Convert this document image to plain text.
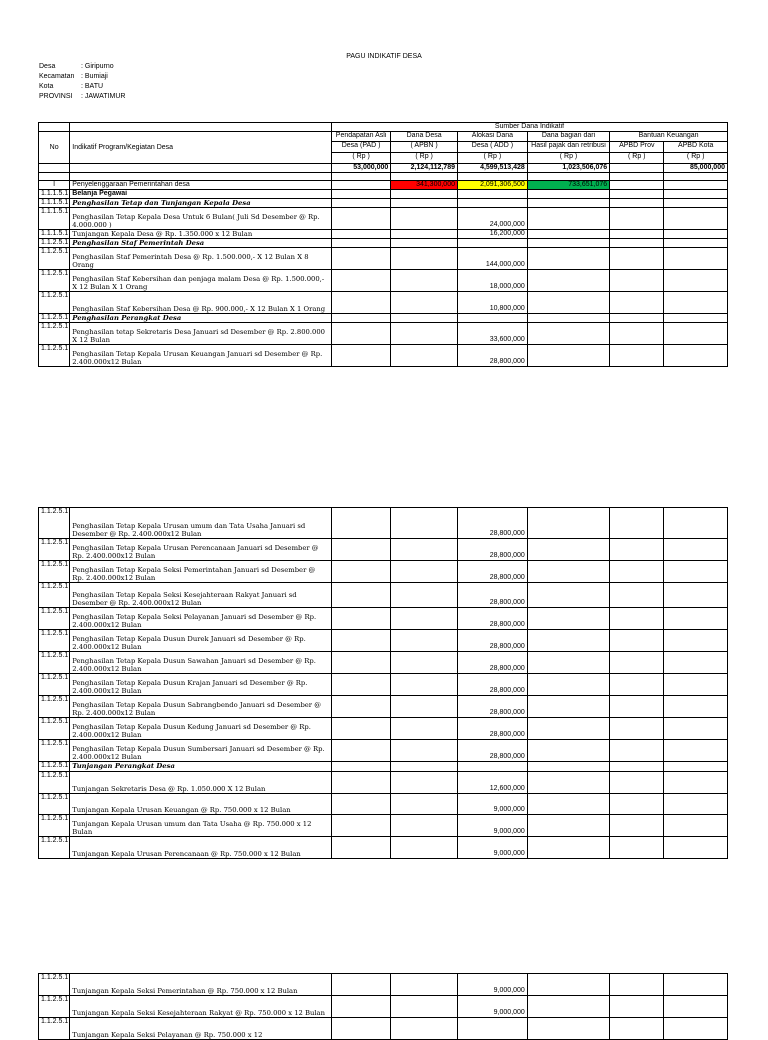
PAGU INDIKATIF DESA
Desa	: Giripurno
Kecamatan : Bumiaji
Kota	: BATU
PROVINSI	: JAWATIMUR
		Sumber Dana Indikatif					
No	Indikatif Program/Kegiatan Desa	Pendapatan Asli	Dana Desa	Alokasi Dana	Dana bagian dari	Bantuan Keuangan	
		Desa (PAD )	( APBN )	Desa ( ADD )	Hasil pajak dan retribusi	APBD Prov	APBD Kota
		( Rp )	( Rp )	( Rp )	( Rp )	( Rp )	( Rp )
		53,000,000	2,124,112,789	4,599,513,428	1,023,506,076		85,000,000

I	Penyelenggaraan Pemerintahan desa		341,300,000	2,091,306,500	733,651,076		
1.1.1.5.1	Belanja Pegawai						
1.1.1.5.1	Penghasilan Tetap dan Tunjangan Kepala Desa						
1.1.1.5.1	Penghasilan Tetap Kepala Desa Untuk 6 Bulan( Juli Sd Desember @ Rp. 4.000.000 )			24,000,000			
1.1.1.5.1	Tunjangan Kepala Desa @ Rp. 1.350.000 x 12 Bulan			16,200,000			
1.1.2.5.1	Penghasilan Staf Pemerintah Desa						
1.1.2.5.1	Penghasilan Staf Pemerintah Desa @ Rp. 1.500.000,- X 12 Bulan X 8 Orang			144,000,000			
1.1.2.5.1	Penghasilan Staf Kebersihan dan penjaga malam Desa @ Rp. 1.500.000,- X 12 Bulan X 1 Orang			18,000,000			
1.1.2.5.1	Penghasilan Staf Kebersihan Desa @ Rp. 900.000,- X 12 Bulan X 1 Orang			10,800,000			
1.1.2.5.1	Penghasilan Perangkat Desa						
1.1.2.5.1	Penghasilan tetap Sekretaris Desa Januari sd Desember @ Rp. 2.800.000 X 12 Bulan			33,600,000			
1.1.2.5.1	Penghasilan Tetap Kepala Urusan Keuangan Januari sd Desember @ Rp. 2.400.000x12 Bulan			28,800,000			
1.1.2.5.1	Penghasilan Tetap Kepala Urusan umum dan Tata Usaha Januari sd Desember @ Rp. 2.400.000x12 Bulan			28,800,000			
1.1.2.5.1	Penghasilan Tetap Kepala Urusan Perencanaan Januari sd Desember @ Rp. 2.400.000x12 Bulan			28,800,000			
1.1.2.5.1	Penghasilan Tetap Kepala Seksi Pemerintahan Januari sd Desember @ Rp. 2.400.000x12 Bulan			28,800,000			
1.1.2.5.1	Penghasilan Tetap Kepala Seksi Kesejahteraan Rakyat Januari sd Desember @ Rp. 2.400.000x12 Bulan			28,800,000			
1.1.2.5.1	Penghasilan Tetap Kepala Seksi Pelayanan Januari sd Desember @ Rp. 2.400.000x12 Bulan			28,800,000			
1.1.2.5.1	Penghasilan Tetap Kepala Dusun Durek Januari sd Desember @ Rp. 2.400.000x12 Bulan			28,800,000			
1.1.2.5.1	Penghasilan Tetap Kepala Dusun Sawahan Januari sd Desember @ Rp. 2.400.000x12 Bulan			28,800,000			
1.1.2.5.1	Penghasilan Tetap Kepala Dusun Krajan Januari sd Desember @ Rp. 2.400.000x12 Bulan			28,800,000			
1.1.2.5.1	Penghasilan Tetap Kepala Dusun Sabrangbendo Januari sd Desember @ Rp. 2.400.000x12 Bulan			28,800,000			
1.1.2.5.1	Penghasilan Tetap Kepala Dusun Kedung Januari sd Desember @ Rp. 2.400.000x12 Bulan			28,800,000			
1.1.2.5.1	Penghasilan Tetap Kepala Dusun Sumbersari Januari sd Desember @ Rp. 2.400.000x12 Bulan			28,800,000			
1.1.2.5.1	Tunjangan Perangkat Desa						
1.1.2.5.1	Tunjangan Sekretaris Desa @ Rp. 1.050.000 X 12 Bulan			12,600,000			
1.1.2.5.1	Tunjangan Kepala Urusan Keuangan @ Rp. 750.000 x 12 Bulan			9,000,000			
1.1.2.5.1	Tunjangan Kepala Urusan umum dan Tata Usaha @ Rp. 750.000 x 12 Bulan			9,000,000			
1.1.2.5.1	Tunjangan Kepala Urusan Perencanaan @ Rp. 750.000 x 12 Bulan			9,000,000			
1.1.2.5.1	Tunjangan Kepala Seksi Pemerintahan @ Rp. 750.000 x 12 Bulan			9,000,000			
1.1.2.5.1	Tunjangan Kepala Seksi Kesejahteraan Rakyat @ Rp. 750.000 x 12 Bulan			9,000,000			
1.1.2.5.1	Tunjangan Kepala Seksi Pelayanan @ Rp. 750.000 x 12						
